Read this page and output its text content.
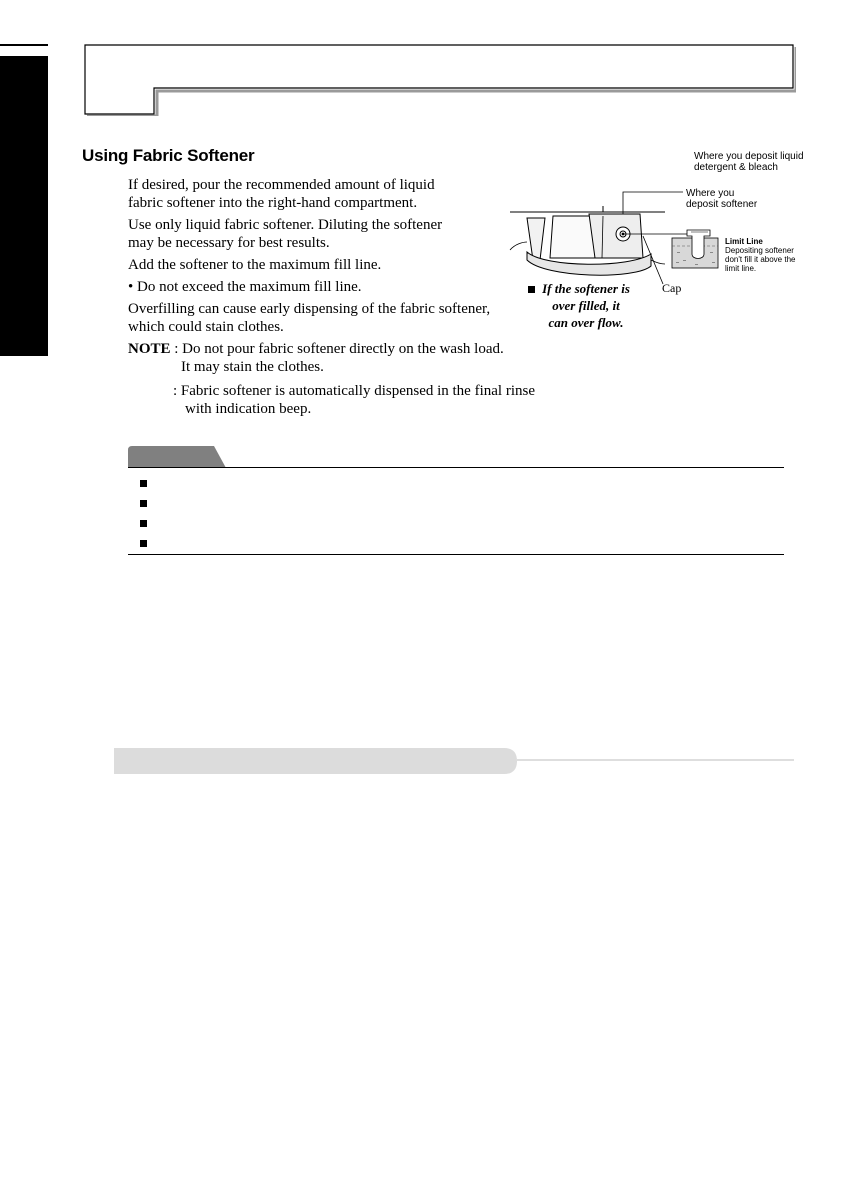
Using Fabric Softener
If desired, pour the recommended amount of liquid
fabric softener into the right-hand compartment.
Use only liquid fabric softener. Diluting the softener
may be necessary for best results.
Add the softener to the maximum fill line.
• Do not exceed the maximum fill line.
Overfilling can cause early dispensing of the fabric softener,
which could stain clothes.
NOTE : Do not pour fabric softener directly on the wash load.
It may stain the clothes.
: Fabric softener is automatically dispensed in the final rinse
with indication beep.
Where you deposit liquid
detergent & bleach
Where you
deposit softener
Limit Line
Depositing softener
don't fill it above the
limit line.
Cap
If the softener is
over filled, it
can over flow.
